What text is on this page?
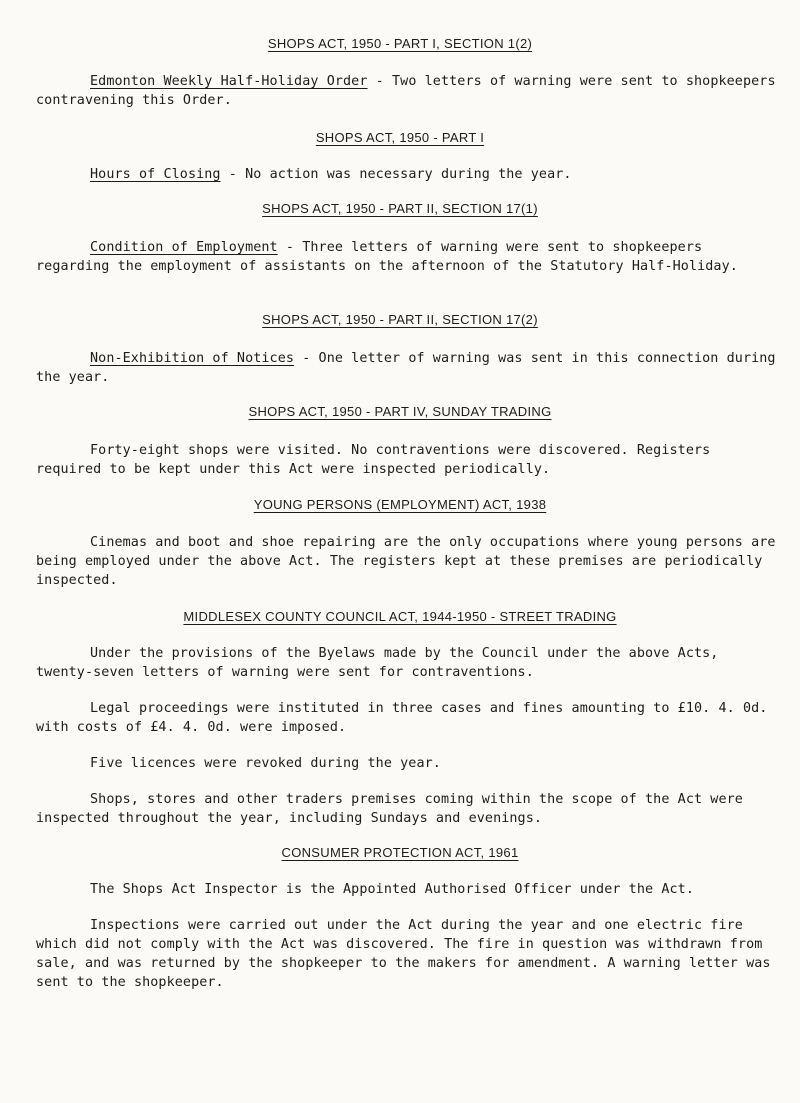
SHOPS ACT, 1950 - PART I, SECTION 1(2)

Edmonton Weekly Half-Holiday Order - Two letters of warning were sent to shopkeepers contravening this Order.

SHOPS ACT, 1950 - PART I

Hours of Closing - No action was necessary during the year.

SHOPS ACT, 1950 - PART II, SECTION 17(1)

Condition of Employment - Three letters of warning were sent to shopkeepers regarding the employment of assistants on the afternoon of the Statutory Half-Holiday.

SHOPS ACT, 1950 - PART II, SECTION 17(2)

Non-Exhibition of Notices - One letter of warning was sent in this connection during the year.

SHOPS ACT, 1950 - PART IV, SUNDAY TRADING

Forty-eight shops were visited. No contraventions were discovered. Registers required to be kept under this Act were inspected periodically.

YOUNG PERSONS (EMPLOYMENT) ACT, 1938

Cinemas and boot and shoe repairing are the only occupations where young persons are being employed under the above Act. The registers kept at these premises are periodically inspected.

MIDDLESEX COUNTY COUNCIL ACT, 1944-1950 - STREET TRADING

Under the provisions of the Byelaws made by the Council under the above Acts, twenty-seven letters of warning were sent for contraventions.

Legal proceedings were instituted in three cases and fines amounting to £10. 4. 0d. with costs of £4. 4. 0d. were imposed.

Five licences were revoked during the year.

Shops, stores and other traders premises coming within the scope of the Act were inspected throughout the year, including Sundays and evenings.

CONSUMER PROTECTION ACT, 1961

The Shops Act Inspector is the Appointed Authorised Officer under the Act.

Inspections were carried out under the Act during the year and one electric fire which did not comply with the Act was discovered. The fire in question was withdrawn from sale, and was returned by the shopkeeper to the makers for amendment. A warning letter was sent to the shopkeeper.
